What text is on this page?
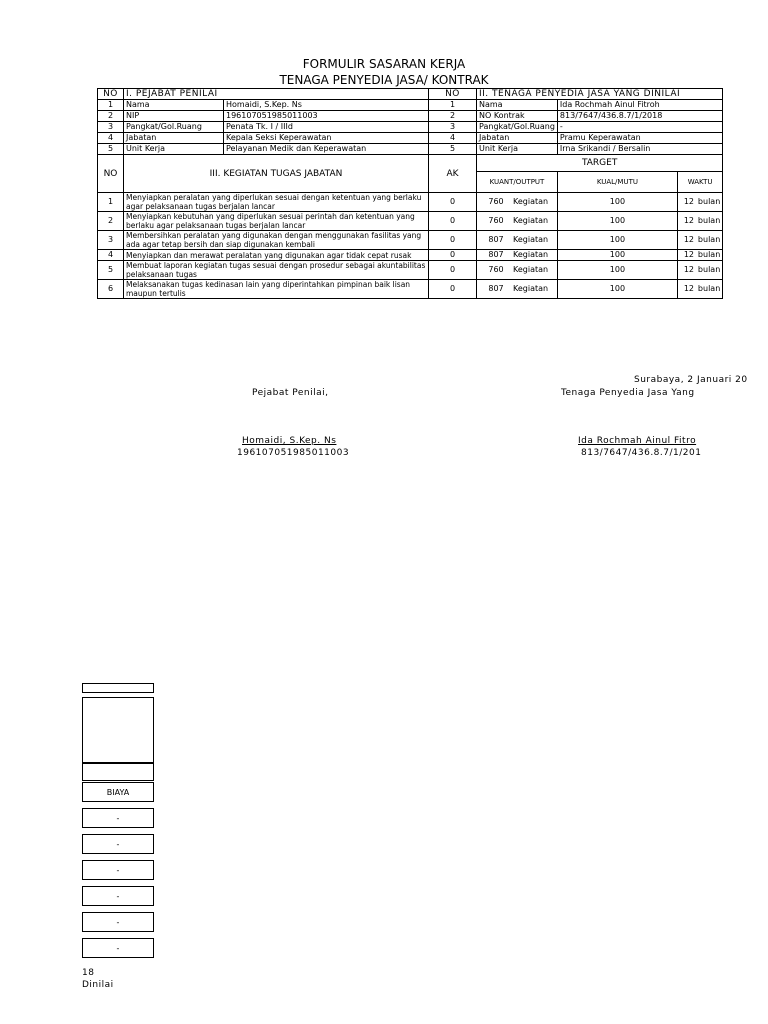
FORMULIR SASARAN KERJA
TENAGA PENYEDIA JASA/ KONTRAK
NO	I. PEJABAT PENILAI		NO	II. TENAGA PENYEDIA JASA YANG DINILAI		
1	Nama	Homaidi, S.Kep. Ns	1	Nama	Ida Rochmah Ainul Fitroh	
2	NIP	196107051985011003	2	NO Kontrak	813/7647/436.8.7/1/2018	
3	Pangkat/Gol.Ruang	Penata Tk. I / IIId	3	Pangkat/Gol.Ruang	-	
4	Jabatan	Kepala Seksi Keperawatan	4	Jabatan	Pramu Keperawatan	
5	Unit Kerja	Pelayanan Medik dan Keperawatan	5	Unit Kerja	Irna Srikandi / Bersalin	
NO	III. KEGIATAN TUGAS JABATAN		AK	TARGET		
				KUANT/OUTPUT	KUAL/MUTU	WAKTU
1	Menyiapkan peralatan yang diperlukan sesuai dengan ketentuan yang berlaku agar pelaksanaan tugas berjalan lancar		0	760 Kegiatan	100	12 bulan
2	Menyiapkan kebutuhan yang diperlukan sesuai perintah dan ketentuan yang berlaku agar pelaksanaan tugas berjalan lancar		0	760 Kegiatan	100	12 bulan
3	Membersihkan peralatan yang digunakan dengan menggunakan fasilitas yang ada agar tetap bersih dan siap digunakan kembali		0	807 Kegiatan	100	12 bulan
4	Menyiapkan dan merawat peralatan yang digunakan agar tidak cepat rusak		0	807 Kegiatan	100	12 bulan
5	Membuat laporan kegiatan tugas sesuai dengan prosedur sebagai akuntabilitas pelaksanaan tugas		0	760 Kegiatan	100	12 bulan
6	Melaksanakan tugas kedinasan lain yang diperintahkan pimpinan baik lisan maupun tertulis		0	807 Kegiatan	100	12 bulan
Surabaya, 2 Januari 20
Pejabat Penilai,	Tenaga Penyedia Jasa Yang
Homaidi, S.Kep. Ns
196107051985011003
Ida Rochmah Ainul Fitro
813/7647/436.8.7/1/201
BIAYA
-
-
-
-
-
-
18
Dinilai
